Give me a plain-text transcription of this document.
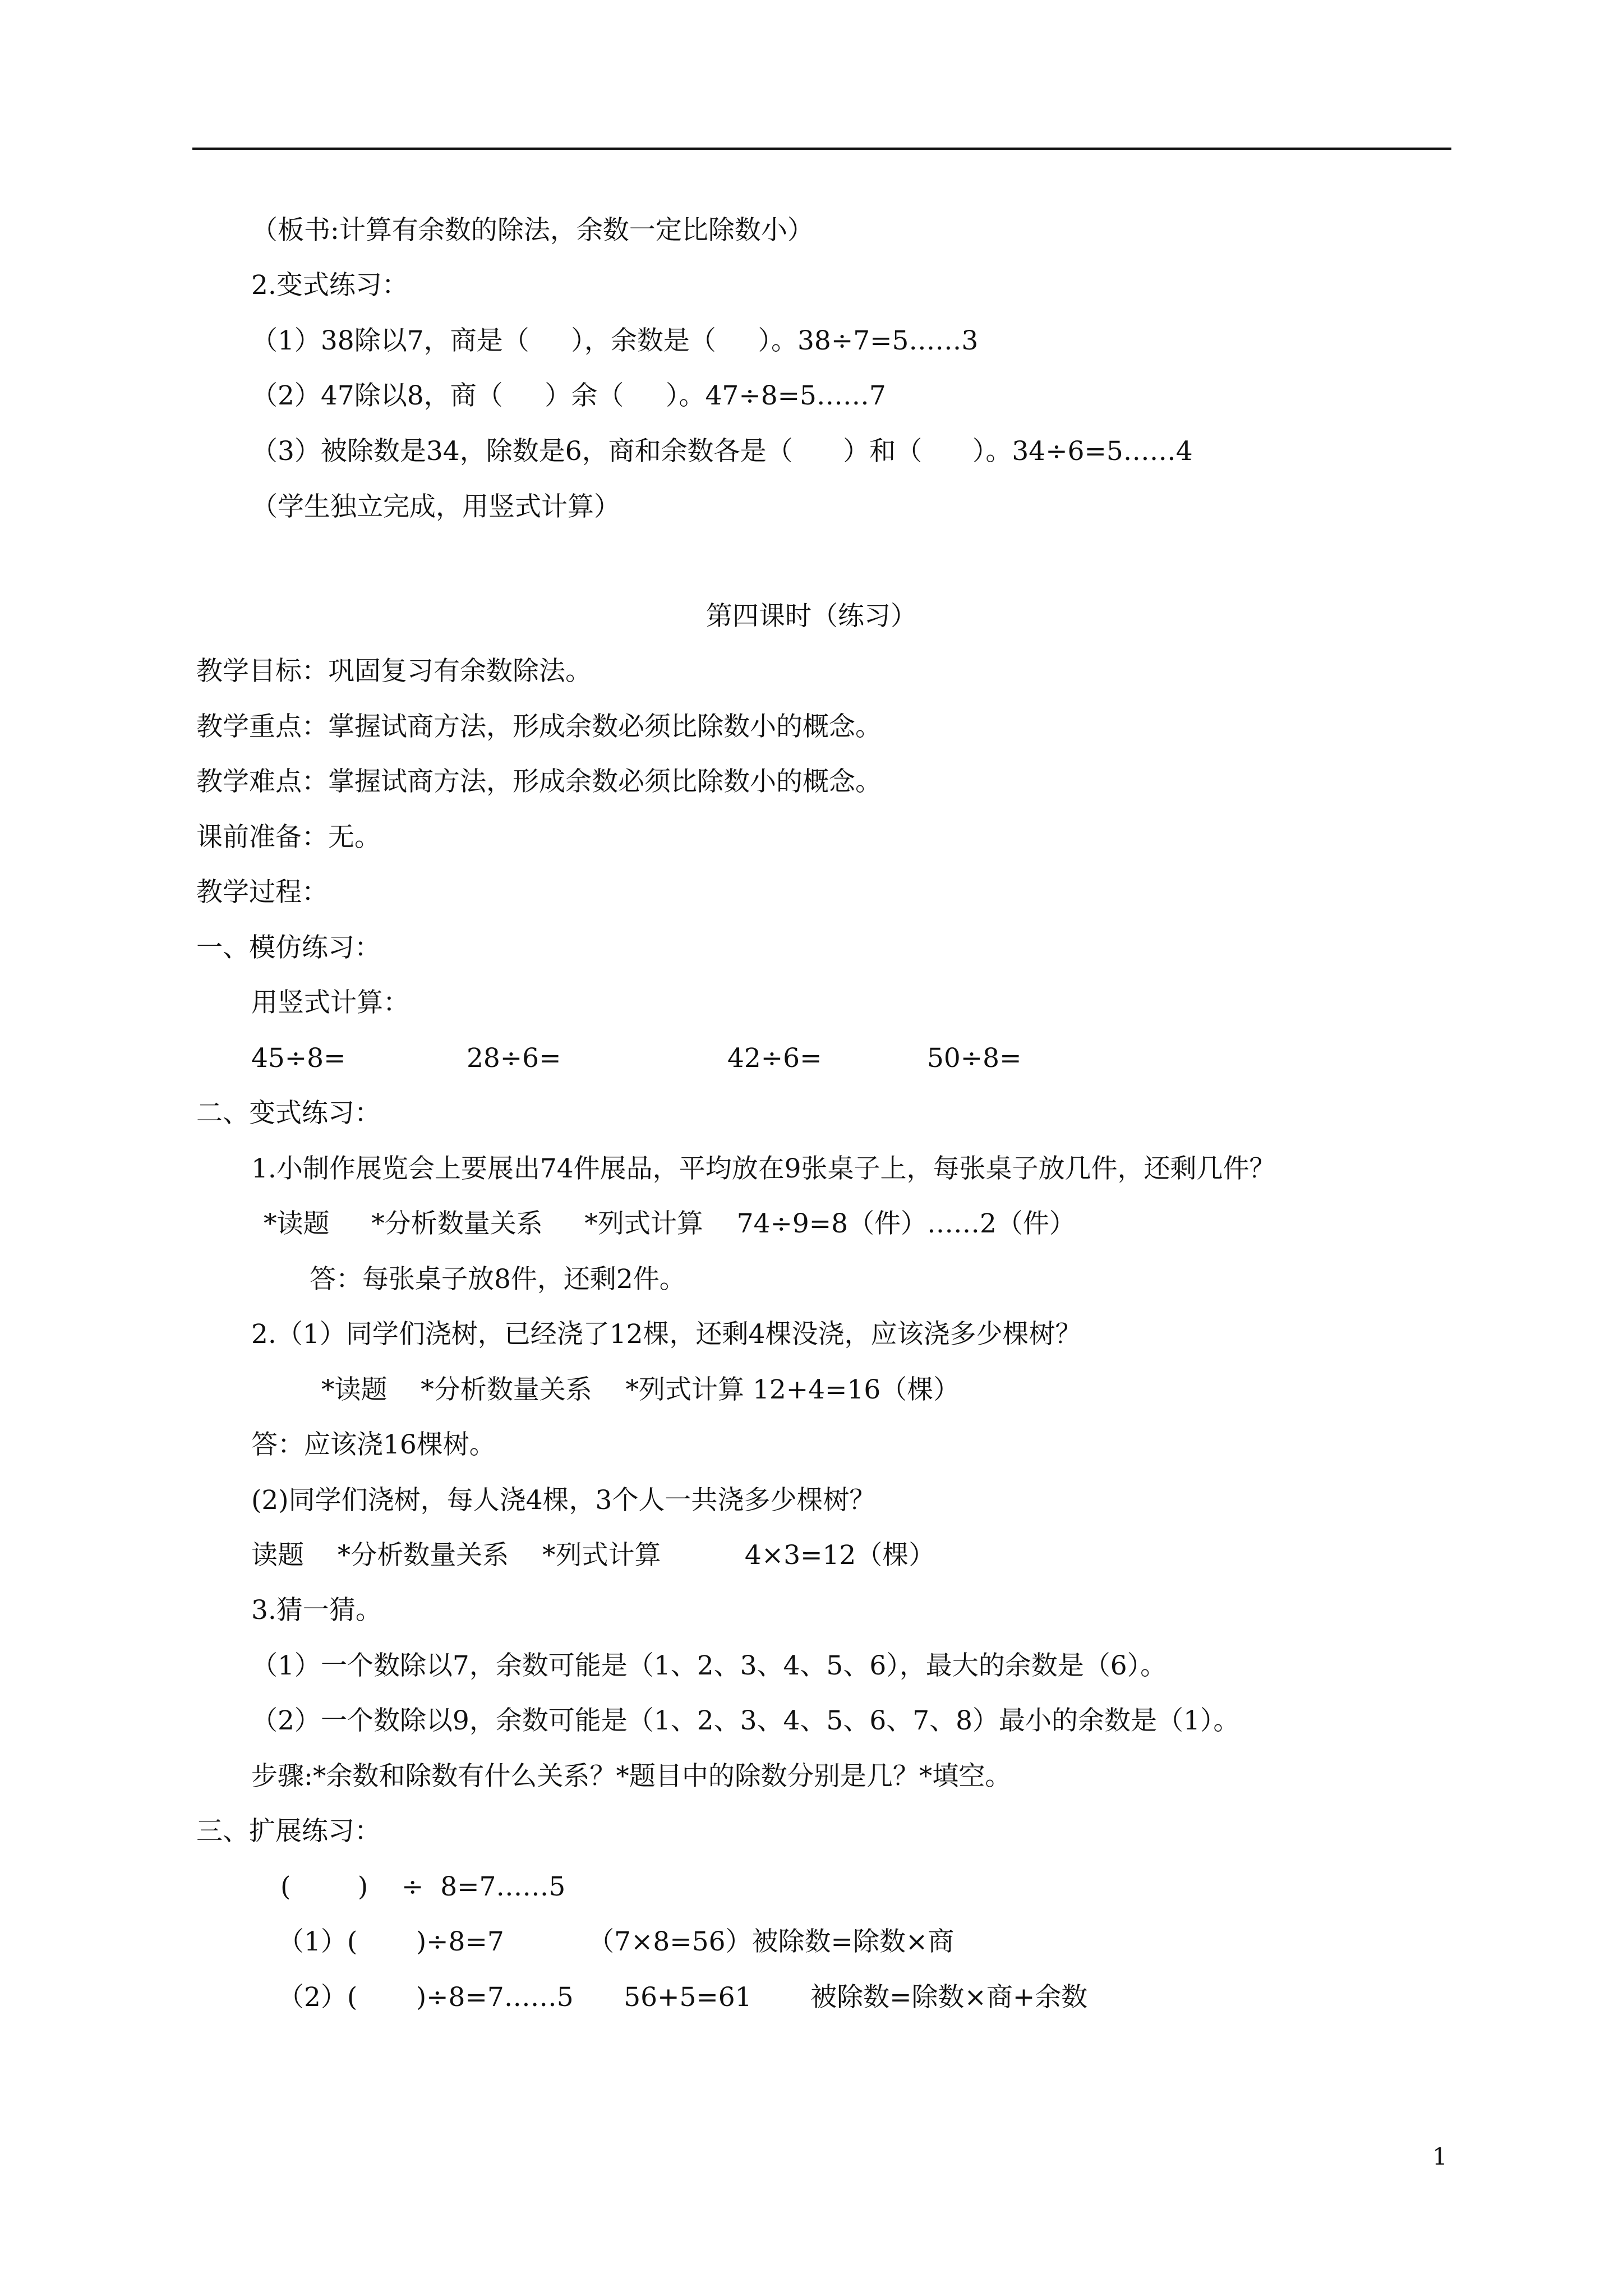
（板书:计算有余数的除法，余数一定比除数小）

2.变式练习：

（1）38除以7，商是（     ），余数是（     ）。38÷7=5……3

（2）47除以8，商（     ）余（     ）。47÷8=5……7

（3）被除数是34，除数是6，商和余数各是（      ）和（      ）。34÷6=5……4

（学生独立完成，用竖式计算）

第四课时（练习）

教学目标：巩固复习有余数除法。

教学重点：掌握试商方法，形成余数必须比除数小的概念。

教学难点：掌握试商方法，形成余数必须比除数小的概念。

课前准备：无。

教学过程：

一、模仿练习：

用竖式计算：

45÷8=	28÷6=	42÷6=	50÷8=

二、变式练习：

1.小制作展览会上要展出74件展品，平均放在9张桌子上，每张桌子放几件，还剩几件？

*读题     *分析数量关系     *列式计算    74÷9=8（件）……2（件）

答：每张桌子放8件，还剩2件。

2.（1）同学们浇树，已经浇了12棵，还剩4棵没浇，应该浇多少棵树？

*读题    *分析数量关系    *列式计算 12+4=16（棵）

答：应该浇16棵树。

(2)同学们浇树，每人浇4棵，3个人一共浇多少棵树？

读题    *分析数量关系    *列式计算          4×3=12（棵）

3.猜一猜。

（1）一个数除以7，余数可能是（1、2、3、4、5、6），最大的余数是（6）。

（2）一个数除以9，余数可能是（1、2、3、4、5、6、7、8）最小的余数是（1）。

步骤:*余数和除数有什么关系？*题目中的除数分别是几？*填空。

三、扩展练习：

(        )    ÷  8=7……5

（1）(       )÷8=7          （7×8=56）被除数=除数×商

（2）(       )÷8=7……5      56+5=61       被除数=除数×商+余数

1
